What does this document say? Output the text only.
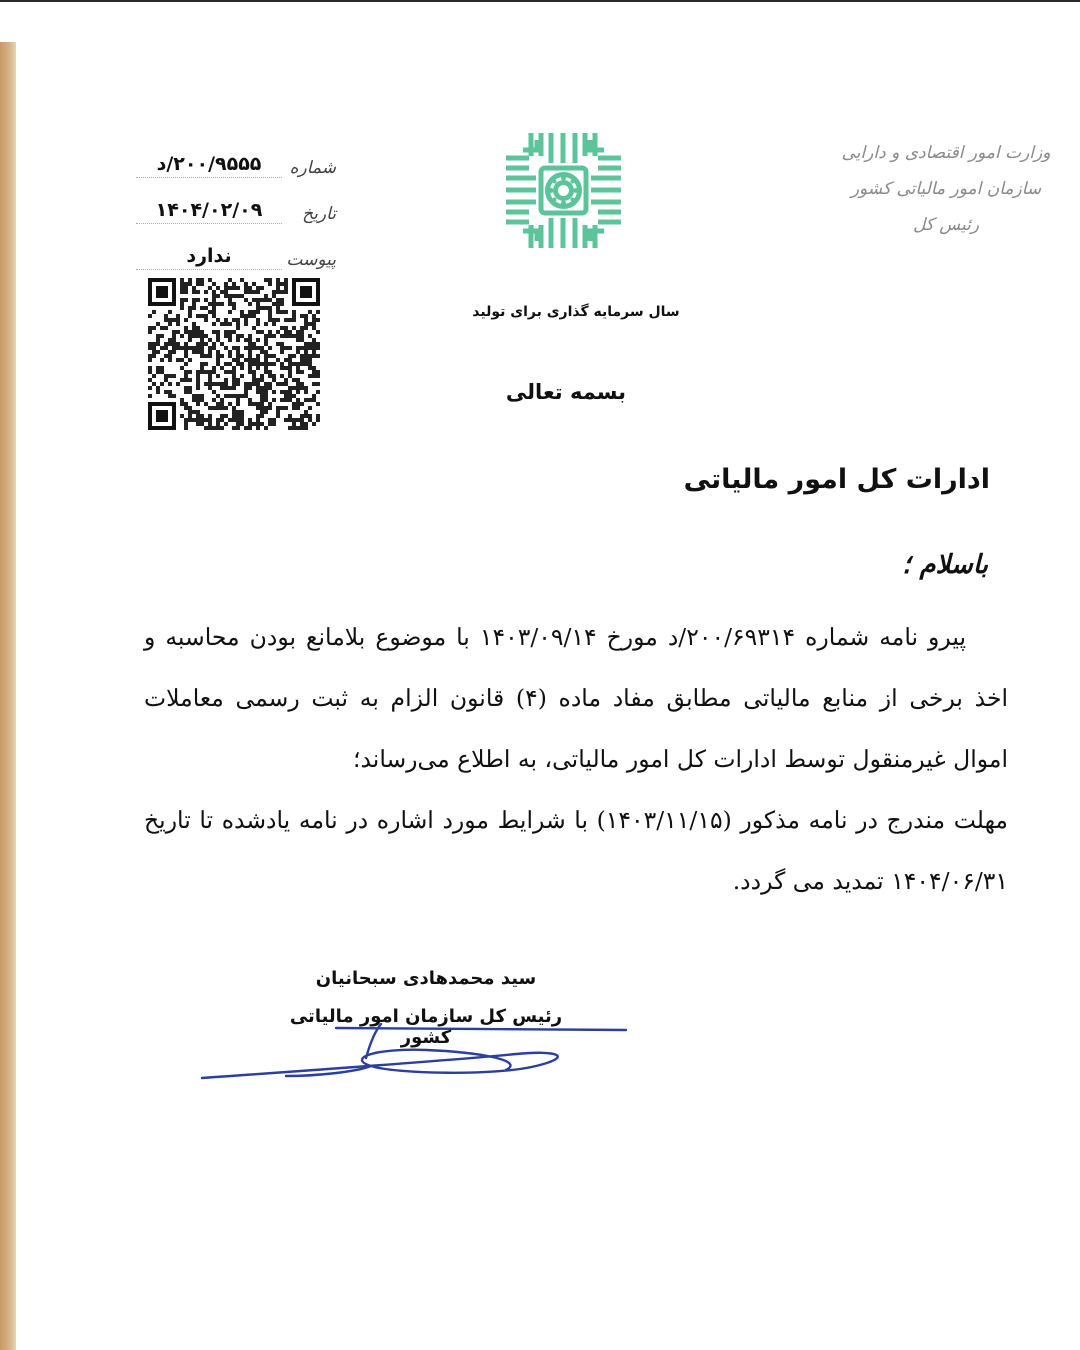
وزارت امور اقتصادی و دارایی
سازمان امور مالیاتی کشور
رئیس کل
شماره
۲۰۰/۹۵۵۵/د
تاریخ
۱۴۰۴/۰۲/۰۹
پیوست
ندارد
سال سرمایه گذاری برای تولید
بسمه تعالی
ادارات کل امور مالیاتی
باسلام ؛

پیرو نامه شماره ۲۰۰/۶۹۳۱۴/د مورخ ۱۴۰۳/۰۹/۱۴ با موضوع بلامانع بودن محاسبه و اخذ برخی از منابع مالیاتی مطابق مفاد ماده (۴) قانون الزام به ثبت رسمی معاملات اموال غیرمنقول توسط ادارات کل امور مالیاتی، به اطلاع می‌رساند؛

مهلت مندرج در نامه مذکور (۱۴۰۳/۱۱/۱۵) با شرایط مورد اشاره در نامه یادشده تا تاریخ ۱۴۰۴/۰۶/۳۱ تمدید می گردد.

سید محمدهادی سبحانیان
رئیس کل سازمان امور مالیاتی کشور
